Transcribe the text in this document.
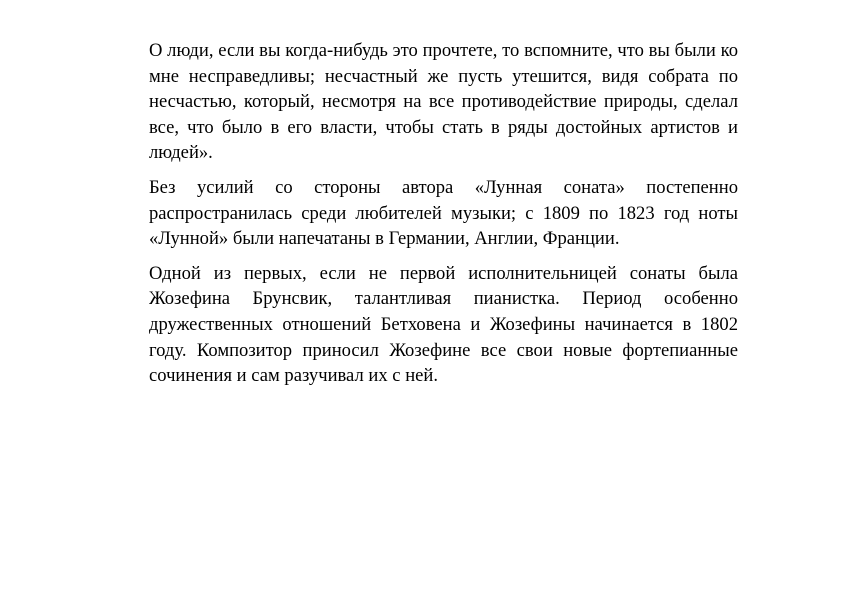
О люди, если вы когда-нибудь это прочтете, то вспомните, что вы были ко мне несправедливы; несчастный же пусть утешится, видя собрата по несчастью, который, несмотря на все противодействие природы, сделал все, что было в его власти, чтобы стать в ряды достойных артистов и людей».

Без усилий со стороны автора «Лунная соната» постепенно распространилась среди любителей музыки; с 1809 по 1823 год ноты «Лунной» были напечатаны в Германии, Англии, Франции.

Одной из первых, если не первой исполнительницей сонаты была Жозефина Брунсвик, талантливая пианистка. Период особенно дружественных отношений Бетховена и Жозефины начинается в 1802 году. Композитор приносил Жозефине все свои новые фортепианные сочинения и сам разучивал их с ней.
